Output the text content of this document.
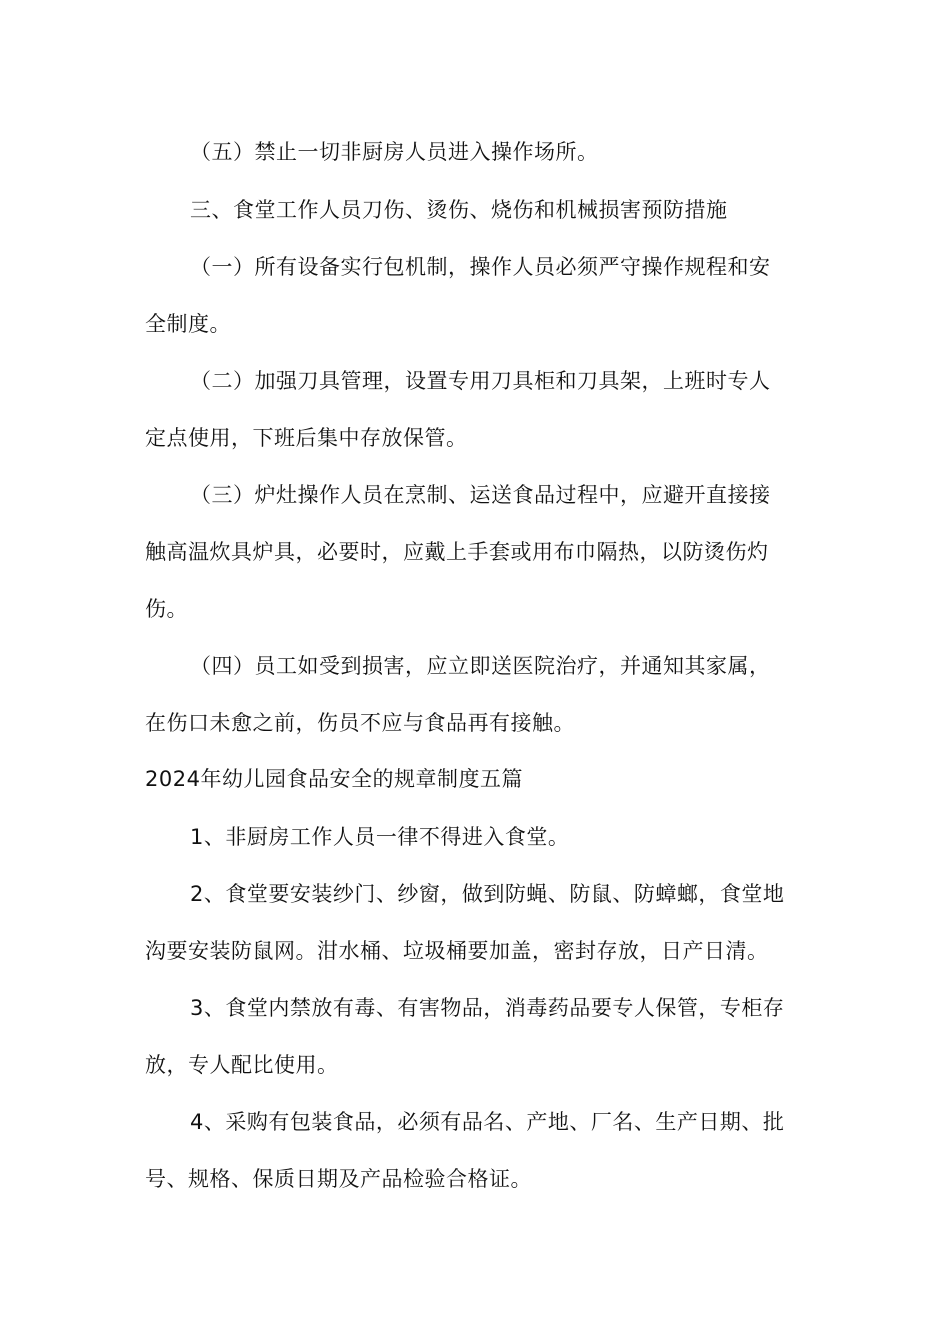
（五）禁止一切非厨房人员进入操作场所。
三、食堂工作人员刀伤、烫伤、烧伤和机械损害预防措施
（一）所有设备实行包机制，操作人员必须严守操作规程和安
全制度。
（二）加强刀具管理，设置专用刀具柜和刀具架，上班时专人
定点使用，下班后集中存放保管。
（三）炉灶操作人员在烹制、运送食品过程中，应避开直接接
触高温炊具炉具，必要时，应戴上手套或用布巾隔热，以防烫伤灼
伤。
（四）员工如受到损害，应立即送医院治疗，并通知其家属，
在伤口未愈之前，伤员不应与食品再有接触。
2024年幼儿园食品安全的规章制度五篇
1、非厨房工作人员一律不得进入食堂。
2、食堂要安装纱门、纱窗，做到防蝇、防鼠、防蟑螂，食堂地
沟要安装防鼠网。泔水桶、垃圾桶要加盖，密封存放，日产日清。
3、食堂内禁放有毒、有害物品，消毒药品要专人保管，专柜存
放，专人配比使用。
4、采购有包装食品，必须有品名、产地、厂名、生产日期、批
号、规格、保质日期及产品检验合格证。
